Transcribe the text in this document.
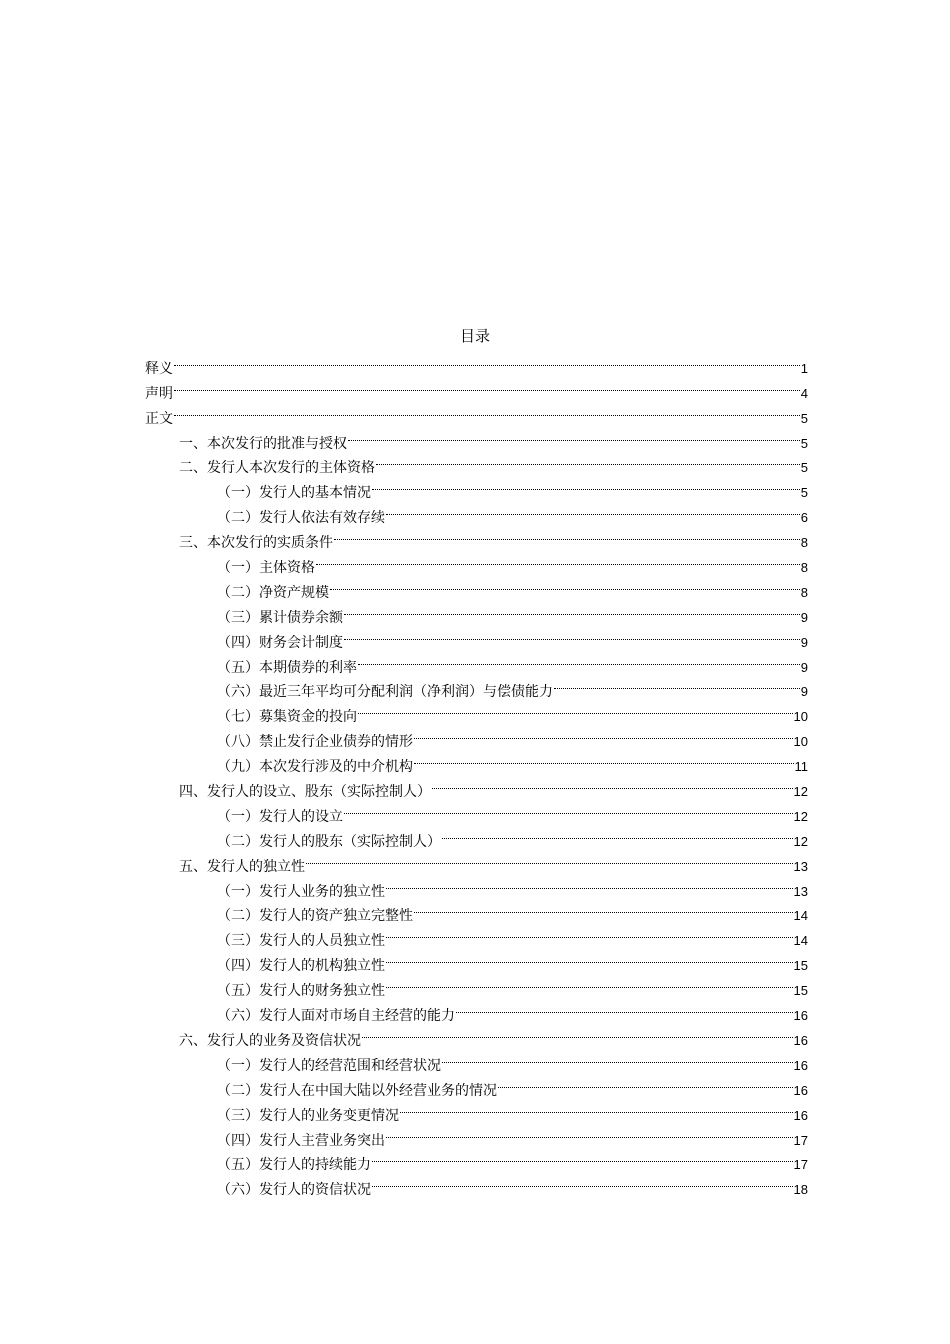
目录
释义	1
声明	4
正文	5
一、本次发行的批准与授权	5
二、发行人本次发行的主体资格	5
（一）发行人的基本情况	5
（二）发行人依法有效存续	6
三、本次发行的实质条件	8
（一）主体资格	8
（二）净资产规模	8
（三）累计债券余额	9
（四）财务会计制度	9
（五）本期债券的利率	9
（六）最近三年平均可分配利润（净利润）与偿债能力	9
（七）募集资金的投向	10
（八）禁止发行企业债券的情形	10
（九）本次发行涉及的中介机构	11
四、发行人的设立、股东（实际控制人）	12
（一）发行人的设立	12
（二）发行人的股东（实际控制人）	12
五、发行人的独立性	13
（一）发行人业务的独立性	13
（二）发行人的资产独立完整性	14
（三）发行人的人员独立性	14
（四）发行人的机构独立性	15
（五）发行人的财务独立性	15
（六）发行人面对市场自主经营的能力	16
六、发行人的业务及资信状况	16
（一）发行人的经营范围和经营状况	16
（二）发行人在中国大陆以外经营业务的情况	16
（三）发行人的业务变更情况	16
（四）发行人主营业务突出	17
（五）发行人的持续能力	17
（六）发行人的资信状况	18
